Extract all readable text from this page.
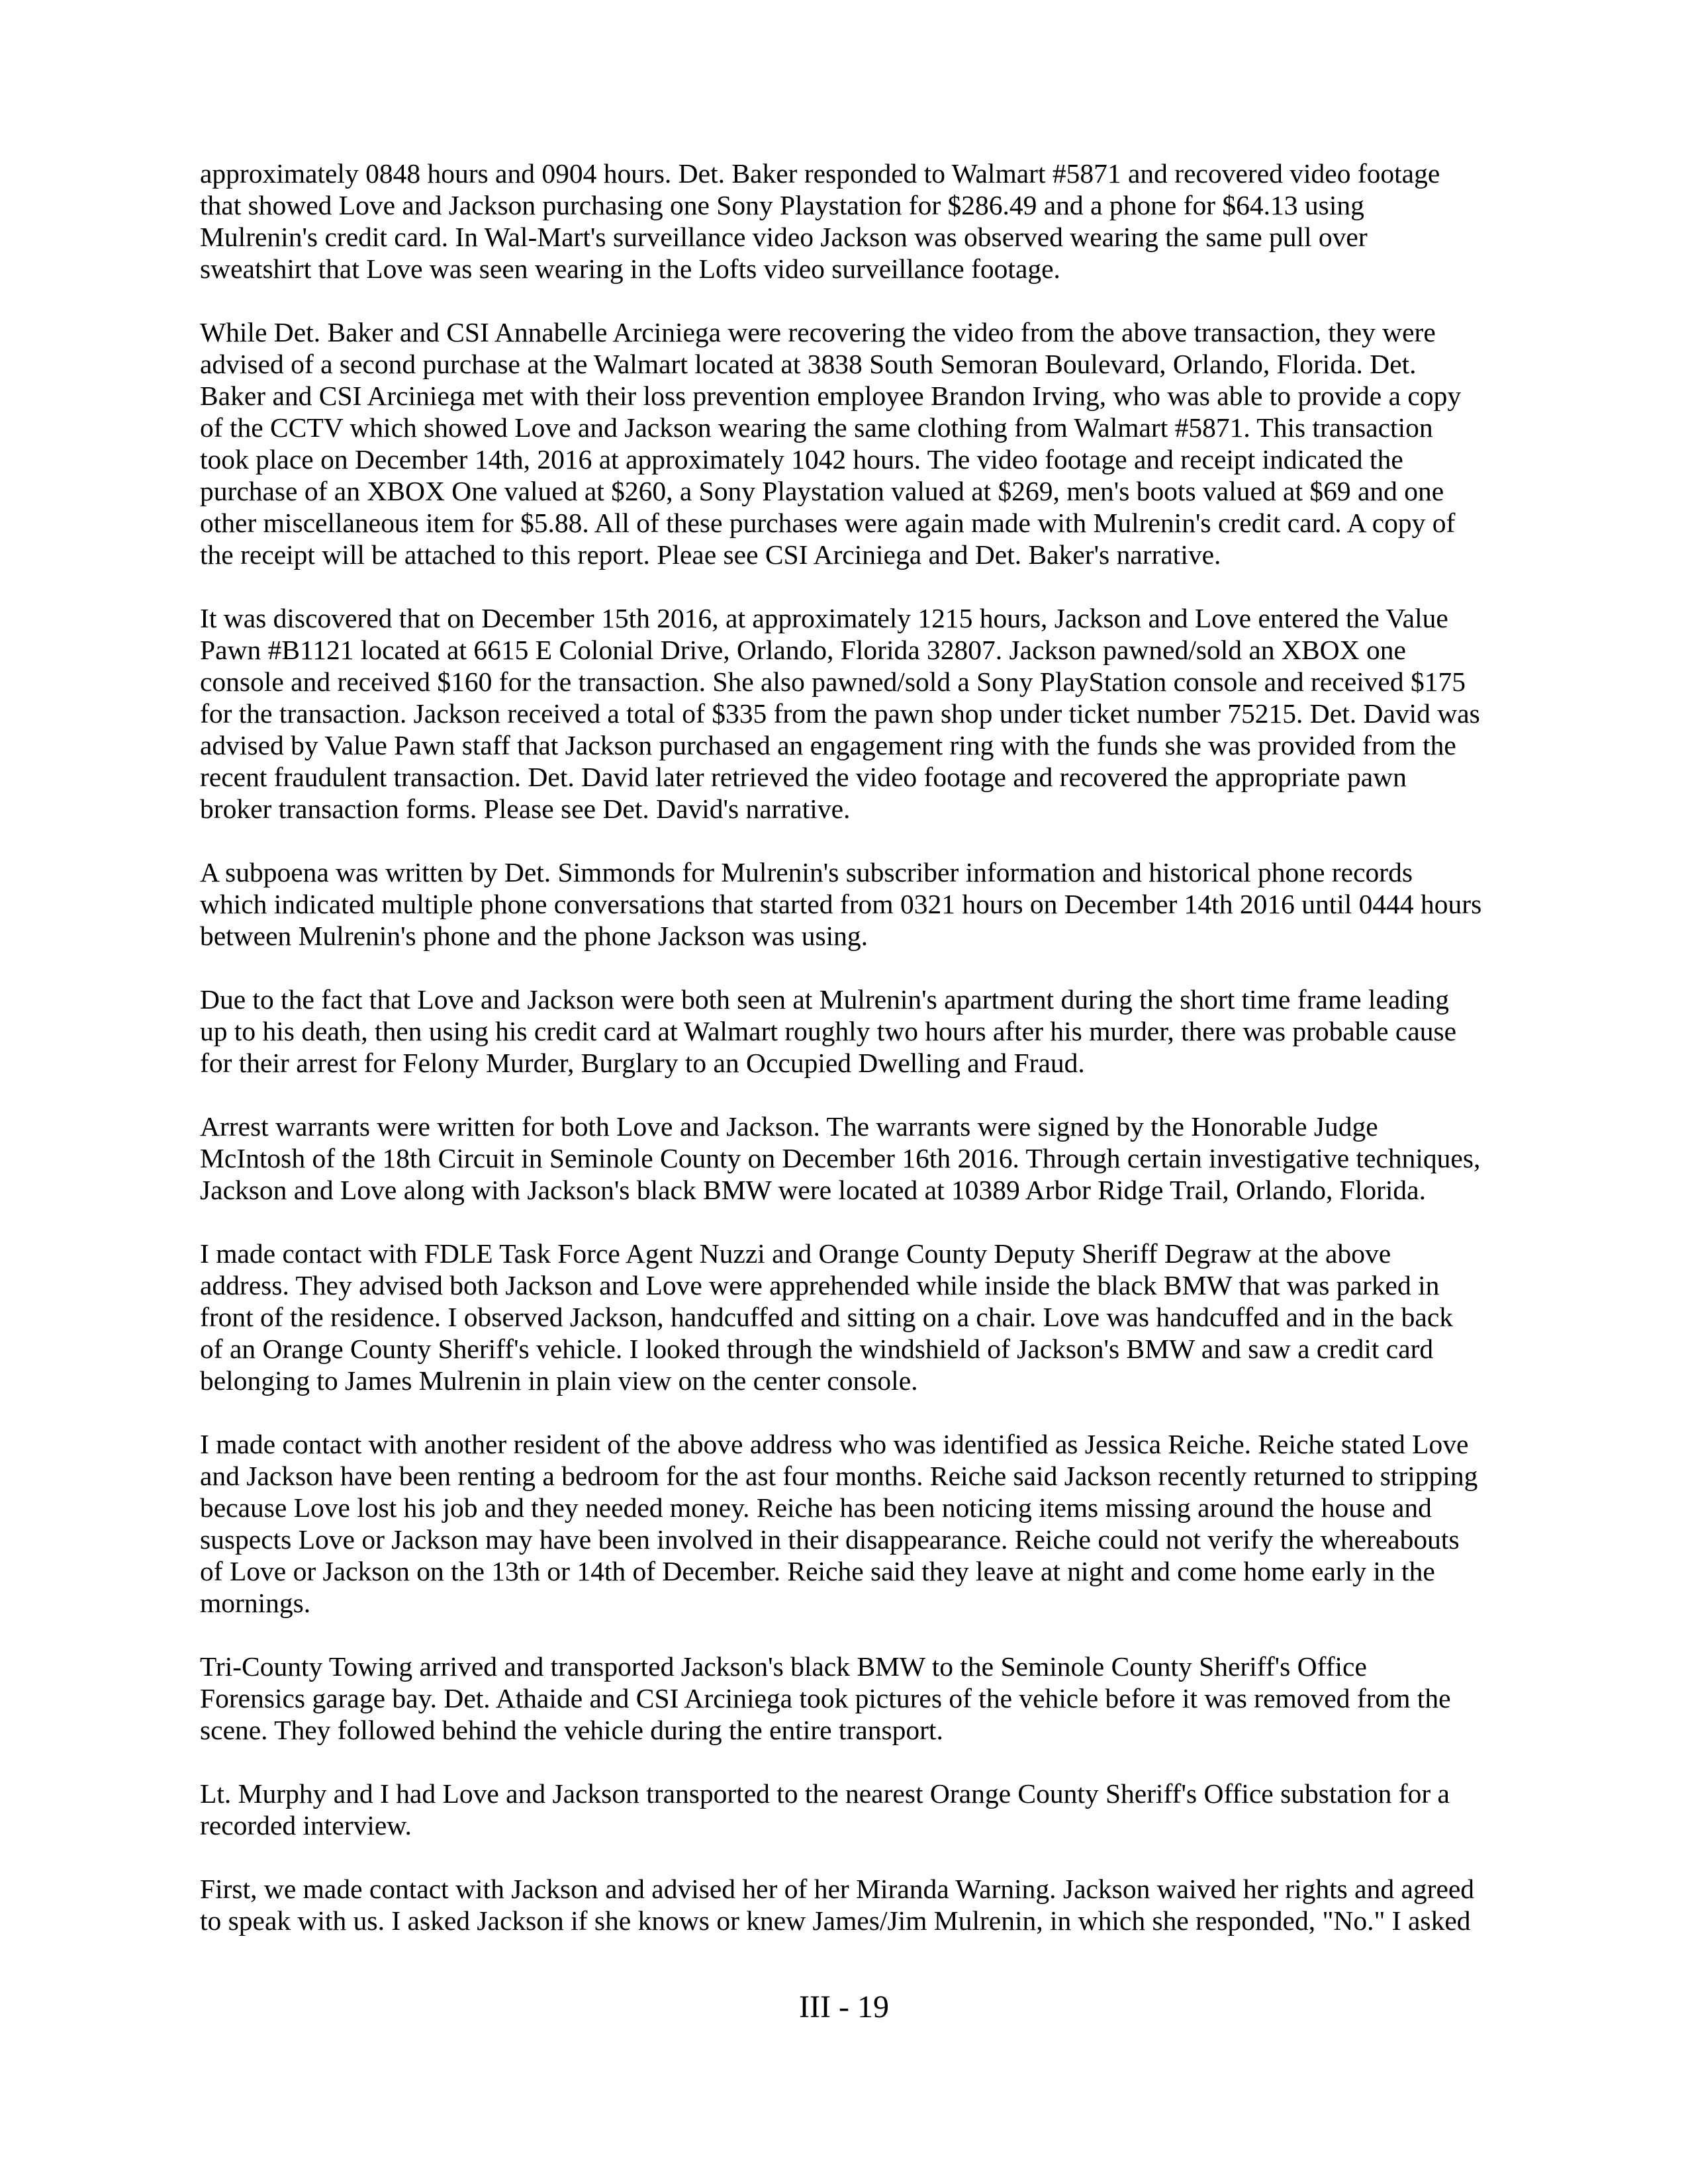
approximately 0848 hours and 0904 hours. Det. Baker responded to Walmart #5871 and recovered video footage
that showed Love and Jackson purchasing one Sony Playstation for $286.49 and a phone for $64.13 using
Mulrenin's credit card. In Wal-Mart's surveillance video Jackson was observed wearing the same pull over
sweatshirt that Love was seen wearing in the Lofts video surveillance footage.
While Det. Baker and CSI Annabelle Arciniega were recovering the video from the above transaction, they were
advised of a second purchase at the Walmart located at 3838 South Semoran Boulevard, Orlando, Florida. Det.
Baker and CSI Arciniega met with their loss prevention employee Brandon Irving, who was able to provide a copy
of the CCTV which showed Love and Jackson wearing the same clothing from Walmart #5871. This transaction
took place on December 14th, 2016 at approximately 1042 hours. The video footage and receipt indicated the
purchase of an XBOX One valued at $260, a Sony Playstation valued at $269, men's boots valued at $69 and one
other miscellaneous item for $5.88. All of these purchases were again made with Mulrenin's credit card. A copy of
the receipt will be attached to this report. Pleae see CSI Arciniega and Det. Baker's narrative.
It was discovered that on December 15th 2016, at approximately 1215 hours, Jackson and Love entered the Value
Pawn #B1121 located at 6615 E Colonial Drive, Orlando, Florida 32807. Jackson pawned/sold an XBOX one
console and received $160 for the transaction. She also pawned/sold a Sony PlayStation console and received $175
for the transaction. Jackson received a total of $335 from the pawn shop under ticket number 75215. Det. David was
advised by Value Pawn staff that Jackson purchased an engagement ring with the funds she was provided from the
recent fraudulent transaction. Det. David later retrieved the video footage and recovered the appropriate pawn
broker transaction forms. Please see Det. David's narrative.
A subpoena was written by Det. Simmonds for Mulrenin's subscriber information and historical phone records
which indicated multiple phone conversations that started from 0321 hours on December 14th 2016 until 0444 hours
between Mulrenin's phone and the phone Jackson was using.
Due to the fact that Love and Jackson were both seen at Mulrenin's apartment during the short time frame leading
up to his death, then using his credit card at Walmart roughly two hours after his murder, there was probable cause
for their arrest for Felony Murder, Burglary to an Occupied Dwelling and Fraud.
Arrest warrants were written for both Love and Jackson. The warrants were signed by the Honorable Judge
McIntosh of the 18th Circuit in Seminole County on December 16th 2016. Through certain investigative techniques,
Jackson and Love along with Jackson's black BMW were located at 10389 Arbor Ridge Trail, Orlando, Florida.
I made contact with FDLE Task Force Agent Nuzzi and Orange County Deputy Sheriff Degraw at the above
address. They advised both Jackson and Love were apprehended while inside the black BMW that was parked in
front of the residence. I observed Jackson, handcuffed and sitting on a chair. Love was handcuffed and in the back
of an Orange County Sheriff's vehicle. I looked through the windshield of Jackson's BMW and saw a credit card
belonging to James Mulrenin in plain view on the center console.
I made contact with another resident of the above address who was identified as Jessica Reiche. Reiche stated Love
and Jackson have been renting a bedroom for the ast four months. Reiche said Jackson recently returned to stripping
because Love lost his job and they needed money. Reiche has been noticing items missing around the house and
suspects Love or Jackson may have been involved in their disappearance. Reiche could not verify the whereabouts
of Love or Jackson on the 13th or 14th of December. Reiche said they leave at night and come home early in the
mornings.
Tri-County Towing arrived and transported Jackson's black BMW to the Seminole County Sheriff's Office
Forensics garage bay. Det. Athaide and CSI Arciniega took pictures of the vehicle before it was removed from the
scene. They followed behind the vehicle during the entire transport.
Lt. Murphy and I had Love and Jackson transported to the nearest Orange County Sheriff's Office substation for a
recorded interview.
First, we made contact with Jackson and advised her of her Miranda Warning. Jackson waived her rights and agreed
to speak with us. I asked Jackson if she knows or knew James/Jim Mulrenin, in which she responded, "No." I asked
III - 19
